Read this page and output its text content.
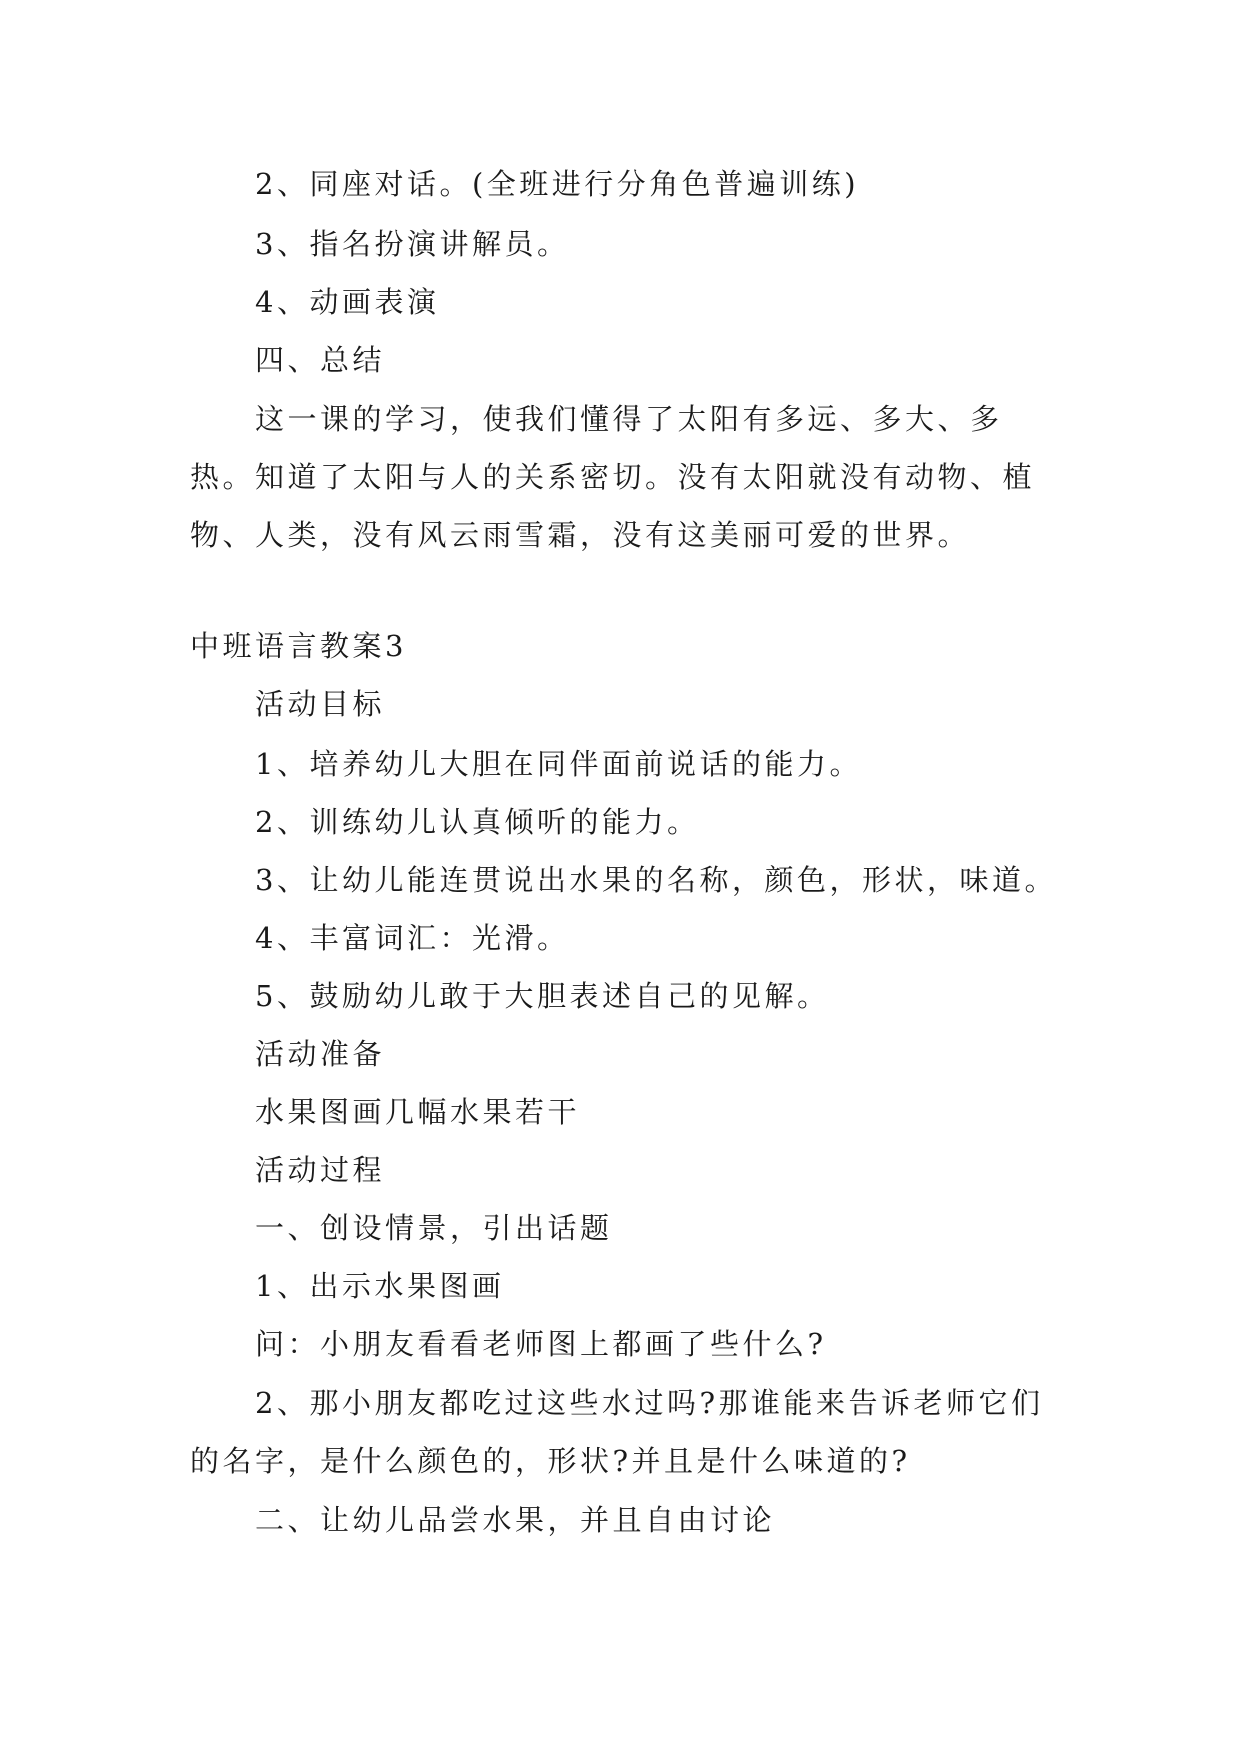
2、同座对话。(全班进行分角色普遍训练)
3、指名扮演讲解员。
4、动画表演
四、总结
这一课的学习，使我们懂得了太阳有多远、多大、多热。知道了太阳与人的关系密切。没有太阳就没有动物、植物、人类，没有风云雨雪霜，没有这美丽可爱的世界。
中班语言教案3
活动目标
1、培养幼儿大胆在同伴面前说话的能力。
2、训练幼儿认真倾听的能力。
3、让幼儿能连贯说出水果的名称，颜色，形状，味道。
4、丰富词汇：光滑。
5、鼓励幼儿敢于大胆表述自己的见解。
活动准备
水果图画几幅水果若干
活动过程
一、创设情景，引出话题
1、出示水果图画
问：小朋友看看老师图上都画了些什么?
2、那小朋友都吃过这些水过吗?那谁能来告诉老师它们的名字，是什么颜色的，形状?并且是什么味道的?
二、让幼儿品尝水果，并且自由讨论
